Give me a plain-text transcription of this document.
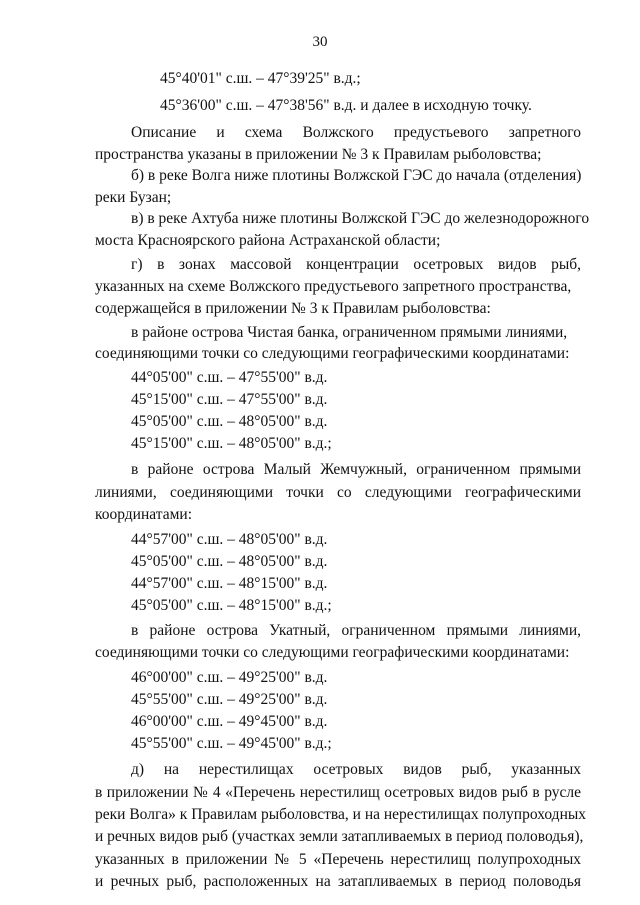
30
45°40'01" с.ш. – 47°39'25" в.д.;
45°36'00" с.ш. – 47°38'56" в.д. и далее в исходную точку.
Описание и схема Волжского предустьевого запретного
пространства указаны в приложении № 3 к Правилам рыболовства;
б) в реке Волга ниже плотины Волжской ГЭС до начала (отделения)
реки Бузан;
в) в реке Ахтуба ниже плотины Волжской ГЭС до железнодорожного
моста Красноярского района Астраханской области;
г) в зонах массовой концентрации осетровых видов рыб,
указанных на схеме Волжского предустьевого запретного пространства,
содержащейся в приложении № 3 к Правилам рыболовства:
в районе острова Чистая банка, ограниченном прямыми линиями,
соединяющими точки со следующими географическими координатами:
44°05'00" с.ш. – 47°55'00" в.д.
45°15'00" с.ш. – 47°55'00" в.д.
45°05'00" с.ш. – 48°05'00" в.д.
45°15'00" с.ш. – 48°05'00" в.д.;
в районе острова Малый Жемчужный, ограниченном прямыми
линиями, соединяющими точки со следующими географическими
координатами:
44°57'00" с.ш. – 48°05'00" в.д.
45°05'00" с.ш. – 48°05'00" в.д.
44°57'00" с.ш. – 48°15'00" в.д.
45°05'00" с.ш. – 48°15'00" в.д.;
в районе острова Укатный, ограниченном прямыми линиями,
соединяющими точки со следующими географическими координатами:
46°00'00" с.ш. – 49°25'00" в.д.
45°55'00" с.ш. – 49°25'00" в.д.
46°00'00" с.ш. – 49°45'00" в.д.
45°55'00" с.ш. – 49°45'00" в.д.;
д) на нерестилищах осетровых видов рыб, указанных
в приложении № 4 «Перечень нерестилищ осетровых видов рыб в русле
реки Волга» к Правилам рыболовства, и на нерестилищах полупроходных
и речных видов рыб (участках земли затапливаемых в период половодья),
указанных в приложении № 5 «Перечень нерестилищ полупроходных
и речных рыб, расположенных на затапливаемых в период половодья
